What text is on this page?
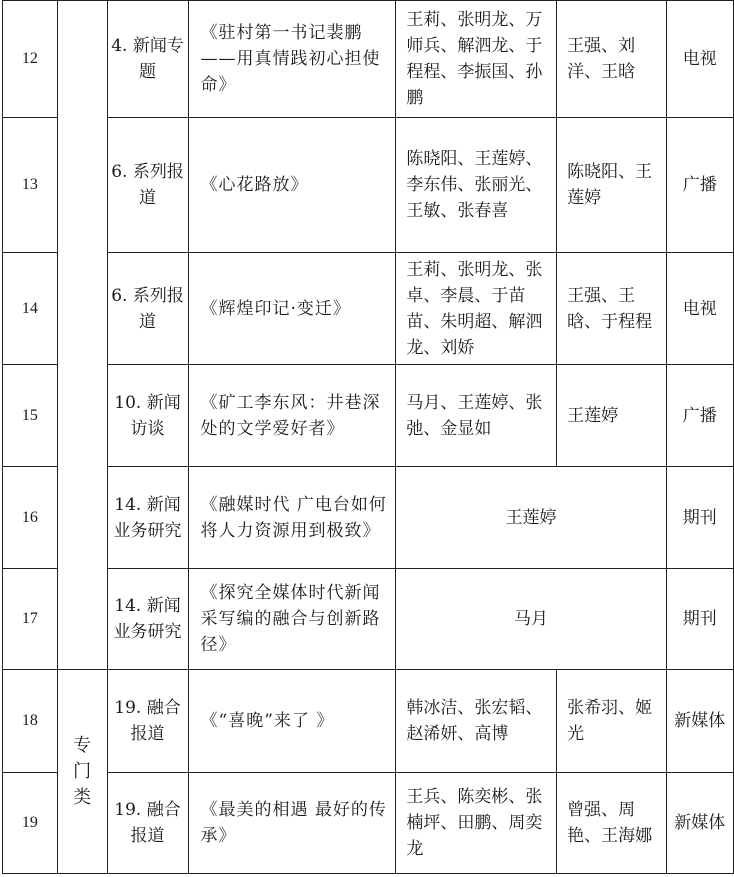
12		4. 新闻专题	《驻村第一书记裴鹏——用真情践初心担使命》	王莉、张明龙、万师兵、解泗龙、于程程、李振国、孙鹏	王强、刘洋、王晗	电视
13		6. 系列报道	《心花路放》	陈晓阳、王莲婷、李东伟、张丽光、王敏、张春喜	陈晓阳、王莲婷	广播
14		6. 系列报道	《辉煌印记·变迁》	王莉、张明龙、张卓、李晨、于苗苗、朱明超、解泗龙、刘娇	王强、王晗、于程程	电视
15		10. 新闻访谈	《矿工李东风：井巷深处的文学爱好者》	马月、王莲婷、张弛、金显如	王莲婷	广播
16		14. 新闻业务研究	《融媒时代 广电台如何将人力资源用到极致》	王莲婷		期刊
17		14. 新闻业务研究	《探究全媒体时代新闻采写编的融合与创新路径》	马月		期刊
18	专门类	19. 融合报道	《“喜晚”来了 》	韩冰洁、张宏韬、赵浠妍、高博	张希羽、姬光	新媒体
19		19. 融合报道	《最美的相遇 最好的传承》	王兵、陈奕彬、张楠坪、田鹏、周奕龙	曾强、周艳、王海娜	新媒体
